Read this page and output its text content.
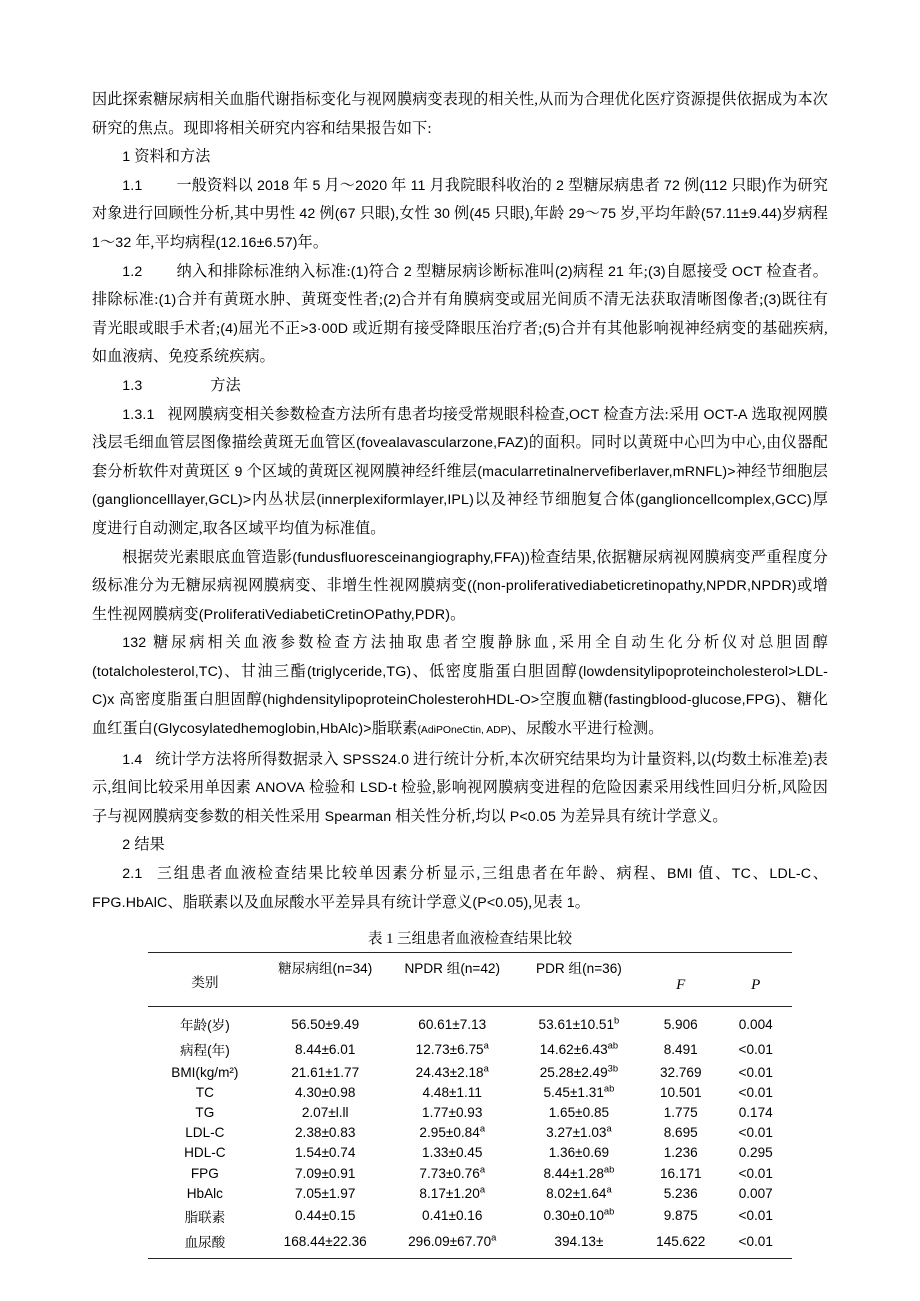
因此探索糖尿病相关血脂代谢指标变化与视网膜病变表现的相关性,从而为合理优化医疗资源提供依据成为本次研究的焦点。现即将相关研究内容和结果报告如下:

1 资料和方法

1.1 一般资料以 2018 年 5 月～2020 年 11 月我院眼科收治的 2 型糖尿病患者 72 例(112 只眼)作为研究对象进行回顾性分析,其中男性 42 例(67 只眼),女性 30 例(45 只眼),年龄 29～75 岁,平均年龄(57.11±9.44)岁病程1～32 年,平均病程(12.16±6.57)年。

1.2 纳入和排除标准纳入标准:(1)符合 2 型糖尿病诊断标准叫(2)病程 21 年;(3)自愿接受 OCT 检查者。排除标准:(1)合并有黄斑水肿、黄斑变性者;(2)合并有角膜病变或屈光间质不清无法获取清晰图像者;(3)既往有青光眼或眼手术者;(4)屈光不正>3·00D 或近期有接受降眼压治疗者;(5)合并有其他影响视神经病变的基础疾病,如血液病、免疫系统疾病。

1.3	方法

1.3.1 视网膜病变相关参数检查方法所有患者均接受常规眼科检查,OCT 检查方法:采用 OCT-A 选取视网膜浅层毛细血管层图像描绘黄斑无血管区(fovealavascularzone,FAZ)的面积。同时以黄斑中心凹为中心,由仪器配套分析软件对黄斑区 9 个区域的黄斑区视网膜神经纤维层(macularretinalnervefiberlaver,mRNFL)>神经节细胞层(ganglioncelllayer,GCL)>内丛状层(innerplexiformlayer,IPL)以及神经节细胞复合体(ganglioncellcomplex,GCC)厚度进行自动测定,取各区域平均值为标准值。

根据荧光素眼底血管造影(fundusfluoresceinangiography,FFA))检查结果,依据糖尿病视网膜病变严重程度分级标准分为无糖尿病视网膜病变、非增生性视网膜病变((non-proliferativediabeticretinopathy,NPDR,NPDR)或增生性视网膜病变(ProliferatiVediabetiCretinOPathy,PDR)。

132 糖尿病相关血液参数检查方法抽取患者空腹静脉血,采用全自动生化分析仪对总胆固醇(totalcholesterol,TC)、甘油三酯(triglyceride,TG)、低密度脂蛋白胆固醇(lowdensitylipoproteincholesterol>LDL-C)x 高密度脂蛋白胆固醇(highdensitylipoproteinCholesterohHDL-O>空腹血糖(fastingblood-glucose,FPG)、糖化血红蛋白(Glycosylatedhemoglobin,HbAlc)>脂联素(AdiPOneCtin, ADP)、尿酸水平进行检测。

1.4 统计学方法将所得数据录入 SPSS24.0 进行统计分析,本次研究结果均为计量资料,以(均数土标准差)表示,组间比较采用单因素 ANOVA 检验和 LSD-t 检验,影响视网膜病变进程的危险因素采用线性回归分析,风险因子与视网膜病变参数的相关性采用 Spearman 相关性分析,均以 P<0.05 为差异具有统计学意义。

2 结果

2.1 三组患者血液检查结果比较单因素分析显示,三组患者在年龄、病程、BMI 值、TC、LDL-C、FPG.HbAlC、脂联素以及血尿酸水平差异具有统计学意义(P<0.05),见表 1。

表 1 三组患者血液检查结果比较
类别	糖尿病组(n=34)	NPDR 组(n=42)	PDR 组(n=36)	F	P
年龄(岁)	56.50±9.49	60.61±7.13	53.61±10.51$^b$	5.906	0.004
病程(年)	8.44±6.01	12.73±6.75$^a$	14.62±6.43$^{ab}$	8.491	<0.01
BMI(kg/m²)	21.61±1.77	24.43±2.18$^a$	$25.28\pm 2.49^{3b}$	32.769	<0.01
TC	4.30±0.98	4.48±1.11	5.45±1.31$^{ab}$	10.501	<0.01
TG	2.07±l.ll	1.77±0.93	1.65±0.85	1.775	0.174
LDL-C	2.38±0.83	2.95±0.84$^a$	3.27±1.03$^a$	8.695	<0.01
HDL-C	1.54±0.74	1.33±0.45	1.36±0.69	1.236	0.295
FPG	7.09±0.91	7.73±0.76$^a$	8.44±1.28$^{ab}$	16.171	<0.01
HbAlc	7.05±1.97	8.17±1.20$^a$	8.02±1.64$^a$	5.236	0.007
脂联素	0.44±0.15	0.41±0.16	0.30±0.10$^{ab}$	9.875	<0.01
血尿酸	168.44±22.36	296.09±67.70$^a$	394.13±	145.622	<0.01
